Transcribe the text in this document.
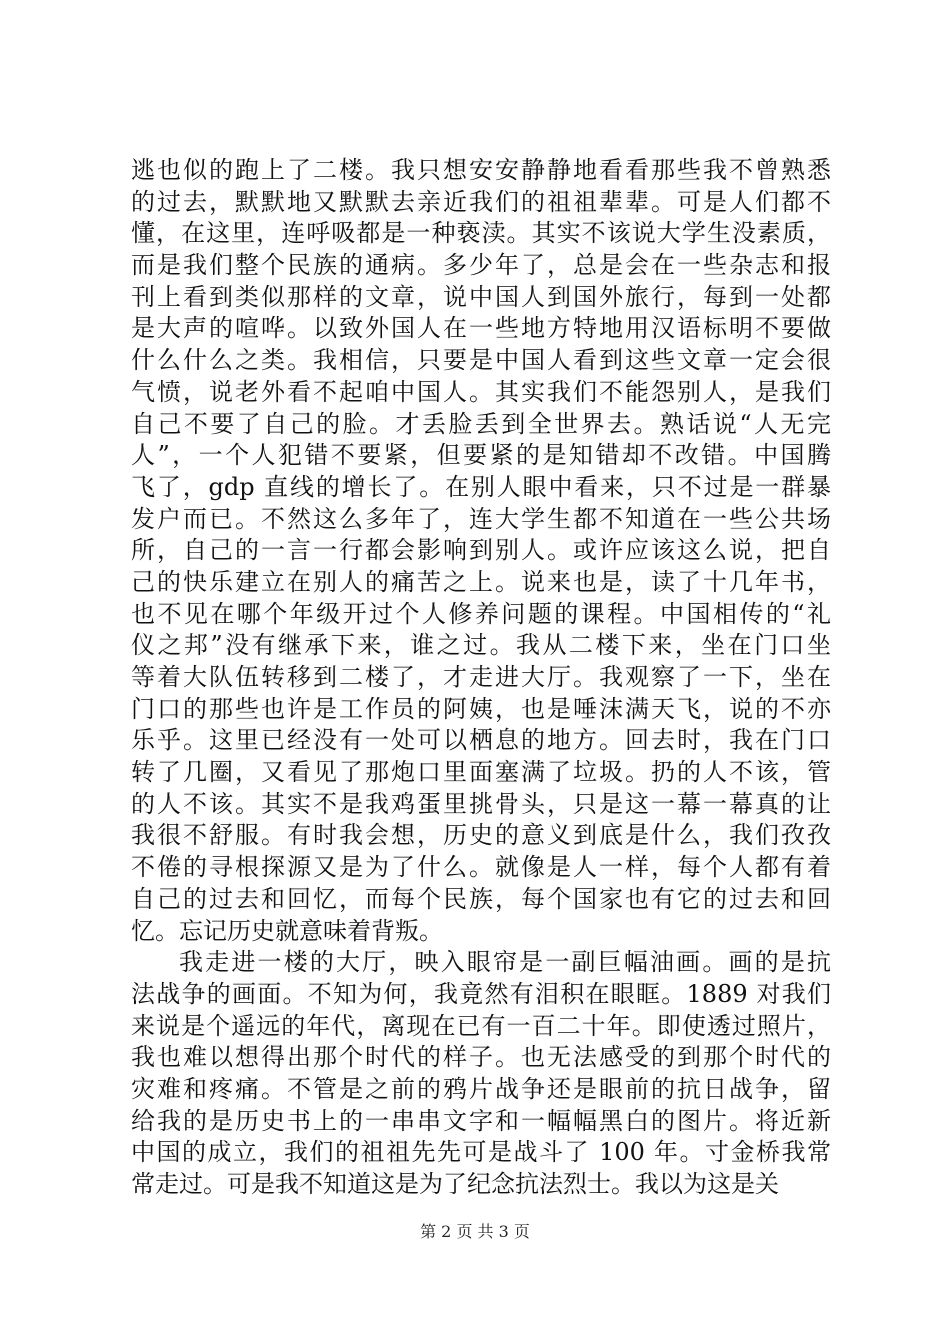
逃也似的跑上了二楼。我只想安安静静地看看那些我不曾熟悉
的过去，默默地又默默去亲近我们的祖祖辈辈。可是人们都不
懂，在这里，连呼吸都是一种亵渎。其实不该说大学生没素质，
而是我们整个民族的通病。多少年了，总是会在一些杂志和报
刊上看到类似那样的文章，说中国人到国外旅行，每到一处都
是大声的喧哗。以致外国人在一些地方特地用汉语标明不要做
什么什么之类。我相信，只要是中国人看到这些文章一定会很
气愤，说老外看不起咱中国人。其实我们不能怨别人，是我们
自己不要了自己的脸。才丢脸丢到全世界去。熟话说“人无完
人”，一个人犯错不要紧，但要紧的是知错却不改错。中国腾
飞了，gdp 直线的增长了。在别人眼中看来，只不过是一群暴
发户而已。不然这么多年了，连大学生都不知道在一些公共场
所，自己的一言一行都会影响到别人。或许应该这么说，把自
己的快乐建立在别人的痛苦之上。说来也是，读了十几年书，
也不见在哪个年级开过个人修养问题的课程。中国相传的“礼
仪之邦”没有继承下来，谁之过。我从二楼下来，坐在门口坐
等着大队伍转移到二楼了，才走进大厅。我观察了一下，坐在
门口的那些也许是工作员的阿姨，也是唾沫满天飞，说的不亦
乐乎。这里已经没有一处可以栖息的地方。回去时，我在门口
转了几圈，又看见了那炮口里面塞满了垃圾。扔的人不该，管
的人不该。其实不是我鸡蛋里挑骨头，只是这一幕一幕真的让
我很不舒服。有时我会想，历史的意义到底是什么，我们孜孜
不倦的寻根探源又是为了什么。就像是人一样，每个人都有着
自己的过去和回忆，而每个民族，每个国家也有它的过去和回
忆。忘记历史就意味着背叛。
我走进一楼的大厅，映入眼帘是一副巨幅油画。画的是抗
法战争的画面。不知为何，我竟然有泪积在眼眶。1889 对我们
来说是个遥远的年代，离现在已有一百二十年。即使透过照片，
我也难以想得出那个时代的样子。也无法感受的到那个时代的
灾难和疼痛。不管是之前的鸦片战争还是眼前的抗日战争，留
给我的是历史书上的一串串文字和一幅幅黑白的图片。将近新
中国的成立，我们的祖祖先先可是战斗了 100 年。寸金桥我常
常走过。可是我不知道这是为了纪念抗法烈士。我以为这是关
第 2 页 共 3 页
